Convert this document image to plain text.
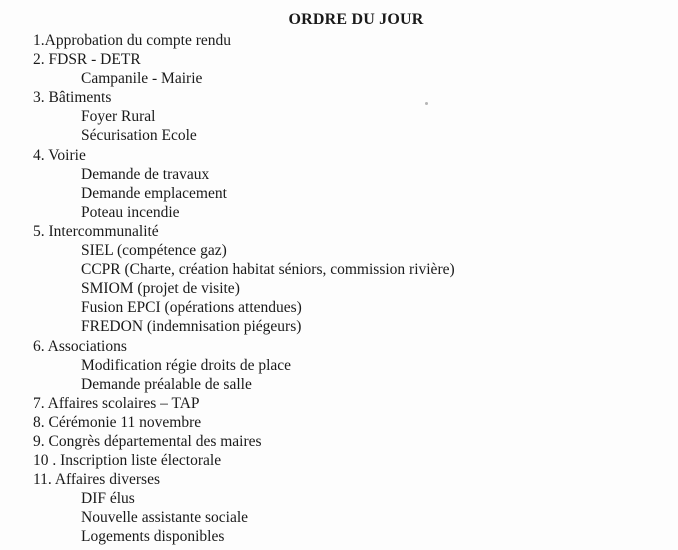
ORDRE DU JOUR
1.Approbation du compte rendu
2. FDSR - DETR
Campanile - Mairie
3. Bâtiments
Foyer Rural
Sécurisation Ecole
4. Voirie
Demande de travaux
Demande emplacement
Poteau incendie
5. Intercommunalité
SIEL (compétence gaz)
CCPR (Charte, création habitat séniors, commission rivière)
SMIOM (projet de visite)
Fusion EPCI (opérations attendues)
FREDON (indemnisation piégeurs)
6. Associations
Modification régie droits de place
Demande préalable de salle
7. Affaires scolaires – TAP
8. Cérémonie 11 novembre
9. Congrès départemental des maires
10 . Inscription liste électorale
11. Affaires diverses
DIF élus
Nouvelle assistante sociale
Logements disponibles
